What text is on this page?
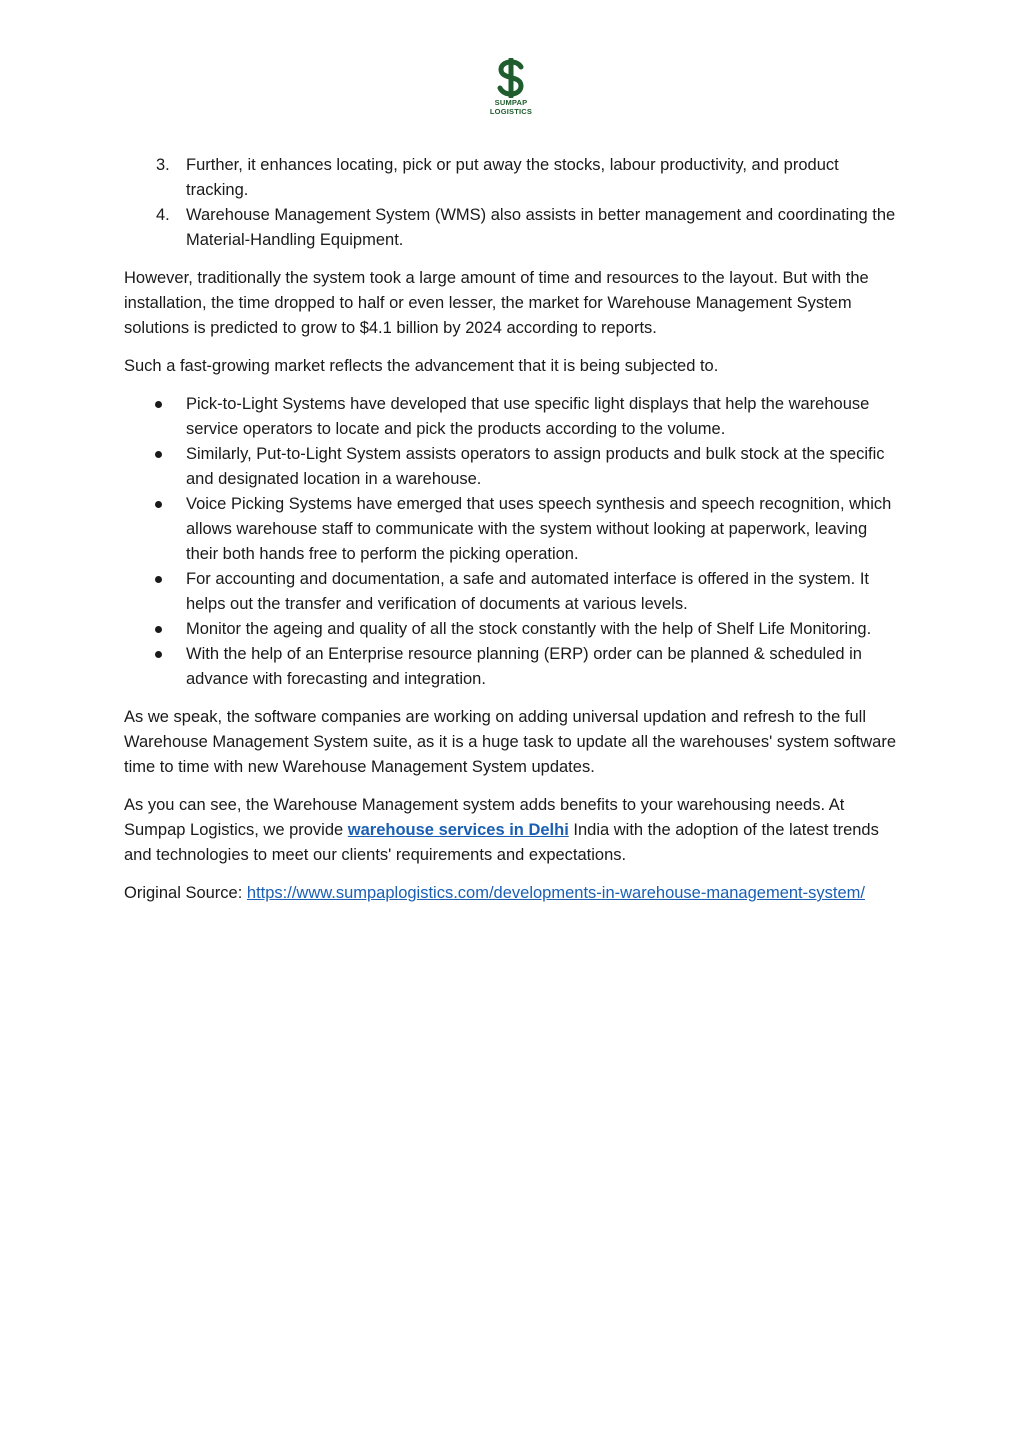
SUMPAP
LOGISTICS
3. Further, it enhances locating, pick or put away the stocks, labour productivity, and product tracking.
4. Warehouse Management System (WMS) also assists in better management and coordinating the Material-Handling Equipment.

However, traditionally the system took a large amount of time and resources to the layout. But with the installation, the time dropped to half or even lesser, the market for Warehouse Management System solutions is predicted to grow to $4.1 billion by 2024 according to reports.

Such a fast-growing market reflects the advancement that it is being subjected to.

Pick-to-Light Systems have developed that use specific light displays that help the warehouse service operators to locate and pick the products according to the volume.
Similarly, Put-to-Light System assists operators to assign products and bulk stock at the specific and designated location in a warehouse.
Voice Picking Systems have emerged that uses speech synthesis and speech recognition, which allows warehouse staff to communicate with the system without looking at paperwork, leaving their both hands free to perform the picking operation.
For accounting and documentation, a safe and automated interface is offered in the system. It helps out the transfer and verification of documents at various levels.
Monitor the ageing and quality of all the stock constantly with the help of Shelf Life Monitoring.
With the help of an Enterprise resource planning (ERP) order can be planned & scheduled in advance with forecasting and integration.

As we speak, the software companies are working on adding universal updation and refresh to the full Warehouse Management System suite, as it is a huge task to update all the warehouses' system software time to time with new Warehouse Management System updates.

As you can see, the Warehouse Management system adds benefits to your warehousing needs. At Sumpap Logistics, we provide warehouse services in Delhi India with the adoption of the latest trends and technologies to meet our clients' requirements and expectations.

Original Source: https://www.sumpaplogistics.com/developments-in-warehouse-management-system/
